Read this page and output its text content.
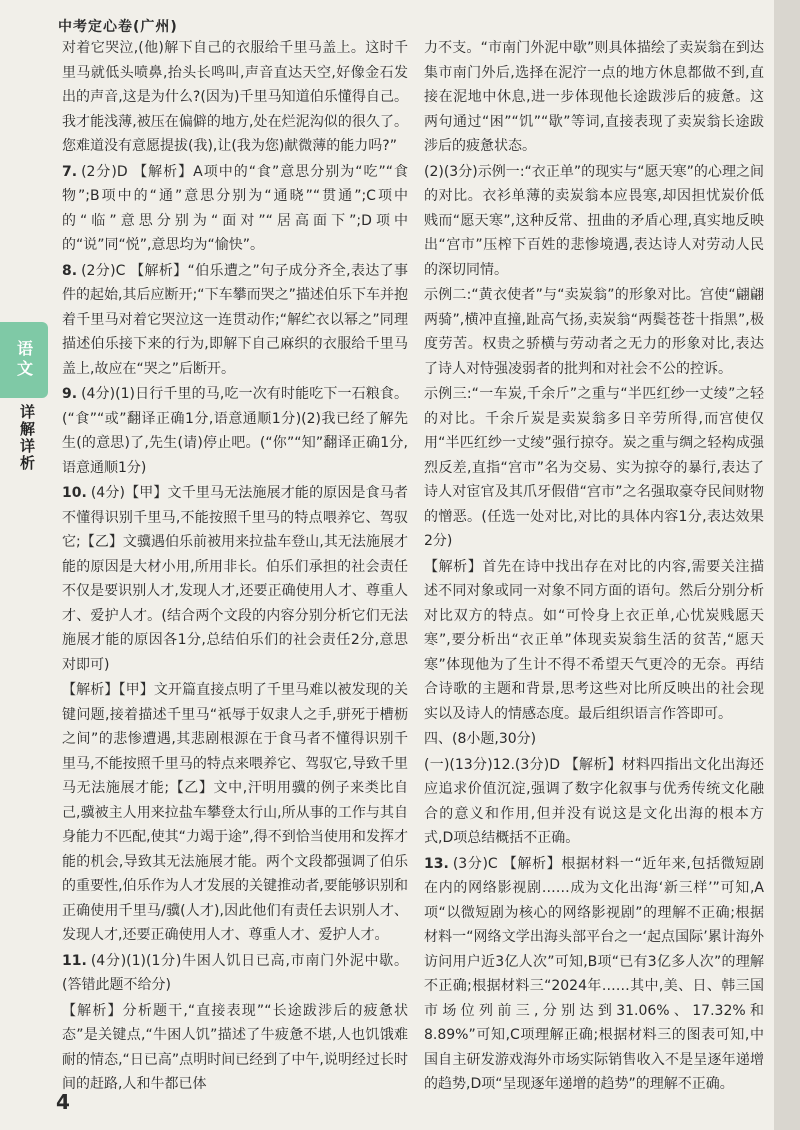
中考定心卷(广州)
语文
详解详析

对着它哭泣,(他)解下自己的衣服给千里马盖上。这时千里马就低头喷鼻,抬头长鸣叫,声音直达天空,好像金石发出的声音,这是为什么?(因为)千里马知道伯乐懂得自己。我才能浅薄,被压在偏僻的地方,处在烂泥沟似的很久了。您难道没有意愿提拔(我),让(我为您)献微薄的能力吗?”

7. (2分)D 【解析】A项中的“食”意思分别为“吃”“食物”;B项中的“通”意思分别为“通晓”“贯通”;C项中的“临”意思分别为“面对”“居高面下”;D项中的“说”同“悦”,意思均为“愉快”。

8. (2分)C 【解析】“伯乐遭之”句子成分齐全,表达了事件的起始,其后应断开;“下车攀而哭之”描述伯乐下车并抱着千里马对着它哭泣这一连贯动作;“解纻衣以幂之”同理描述伯乐接下来的行为,即解下自己麻织的衣服给千里马盖上,故应在“哭之”后断开。

9. (4分)(1)日行千里的马,吃一次有时能吃下一石粮食。(“食”“或”翻译正确1分,语意通顺1分)(2)我已经了解先生(的意思)了,先生(请)停止吧。(“你”“知”翻译正确1分,语意通顺1分)

10. (4分)【甲】文千里马无法施展才能的原因是食马者不懂得识别千里马,不能按照千里马的特点喂养它、驾驭它;【乙】文骥遇伯乐前被用来拉盐车登山,其无法施展才能的原因是大材小用,所用非长。伯乐们承担的社会责任不仅是要识别人才,发现人才,还要正确使用人才、尊重人才、爱护人才。(结合两个文段的内容分别分析它们无法施展才能的原因各1分,总结伯乐们的社会责任2分,意思对即可)

【解析】【甲】文开篇直接点明了千里马难以被发现的关键问题,接着描述千里马“祇辱于奴隶人之手,骈死于槽枥之间”的悲惨遭遇,其悲剧根源在于食马者不懂得识别千里马,不能按照千里马的特点来喂养它、驾驭它,导致千里马无法施展才能;【乙】文中,汗明用骥的例子来类比自己,骥被主人用来拉盐车攀登太行山,所从事的工作与其自身能力不匹配,使其“力竭于途”,得不到恰当使用和发挥才能的机会,导致其无法施展才能。两个文段都强调了伯乐的重要性,伯乐作为人才发展的关键推动者,要能够识别和正确使用千里马/骥(人才),因此他们有责任去识别人才、发现人才,还要正确使用人才、尊重人才、爱护人才。

11. (4分)(1)(1分)牛困人饥日已高,市南门外泥中歇。(答错此题不给分)

【解析】分析题干,“直接表现”“长途跋涉后的疲惫状态”是关键点,“牛困人饥”描述了牛疲惫不堪,人也饥饿难耐的情态,“日已高”点明时间已经到了中午,说明经过长时间的赶路,人和牛都已体

力不支。“市南门外泥中歇”则具体描绘了卖炭翁在到达集市南门外后,选择在泥泞一点的地方休息都做不到,直接在泥地中休息,进一步体现他长途跋涉后的疲惫。这两句通过“困”“饥”“歇”等词,直接表现了卖炭翁长途跋涉后的疲惫状态。

(2)(3分)示例一:“衣正单”的现实与“愿天寒”的心理之间的对比。衣衫单薄的卖炭翁本应畏寒,却因担忧炭价低贱而“愿天寒”,这种反常、扭曲的矛盾心理,真实地反映出“宫市”压榨下百姓的悲惨境遇,表达诗人对劳动人民的深切同情。

示例二:“黄衣使者”与“卖炭翁”的形象对比。宫使“翩翩两骑”,横冲直撞,趾高气扬,卖炭翁“两鬓苍苍十指黑”,极度劳苦。权贵之骄横与劳动者之无力的形象对比,表达了诗人对恃强凌弱者的批判和对社会不公的控诉。

示例三:“一车炭,千余斤”之重与“半匹红纱一丈绫”之轻的对比。千余斤炭是卖炭翁多日辛劳所得,而宫使仅用“半匹红纱一丈绫”强行掠夺。炭之重与绸之轻构成强烈反差,直指“宫市”名为交易、实为掠夺的暴行,表达了诗人对宦官及其爪牙假借“宫市”之名强取豪夺民间财物的憎恶。(任选一处对比,对比的具体内容1分,表达效果2分)

【解析】首先在诗中找出存在对比的内容,需要关注描述不同对象或同一对象不同方面的语句。然后分别分析对比双方的特点。如“可怜身上衣正单,心忧炭贱愿天寒”,要分析出“衣正单”体现卖炭翁生活的贫苦,“愿天寒”体现他为了生计不得不希望天气更冷的无奈。再结合诗歌的主题和背景,思考这些对比所反映出的社会现实以及诗人的情感态度。最后组织语言作答即可。

四、(8小题,30分)

(一)(13分)12.(3分)D 【解析】材料四指出文化出海还应追求价值沉淀,强调了数字化叙事与优秀传统文化融合的意义和作用,但并没有说这是文化出海的根本方式,D项总结概括不正确。

13. (3分)C 【解析】根据材料一“近年来,包括微短剧在内的网络影视剧……成为文化出海‘新三样’”可知,A项“以微短剧为核心的网络影视剧”的理解不正确;根据材料一“网络文学出海头部平台之一‘起点国际’累计海外访问用户近3亿人次”可知,B项“已有3亿多人次”的理解不正确;根据材料三“2024年……其中,美、日、韩三国市场位列前三,分别达到31.06%、17.32%和8.89%”可知,C项理解正确;根据材料三的图表可知,中国自主研发游戏海外市场实际销售收入不是呈逐年递增的趋势,D项“呈现逐年递增的趋势”的理解不正确。

4
